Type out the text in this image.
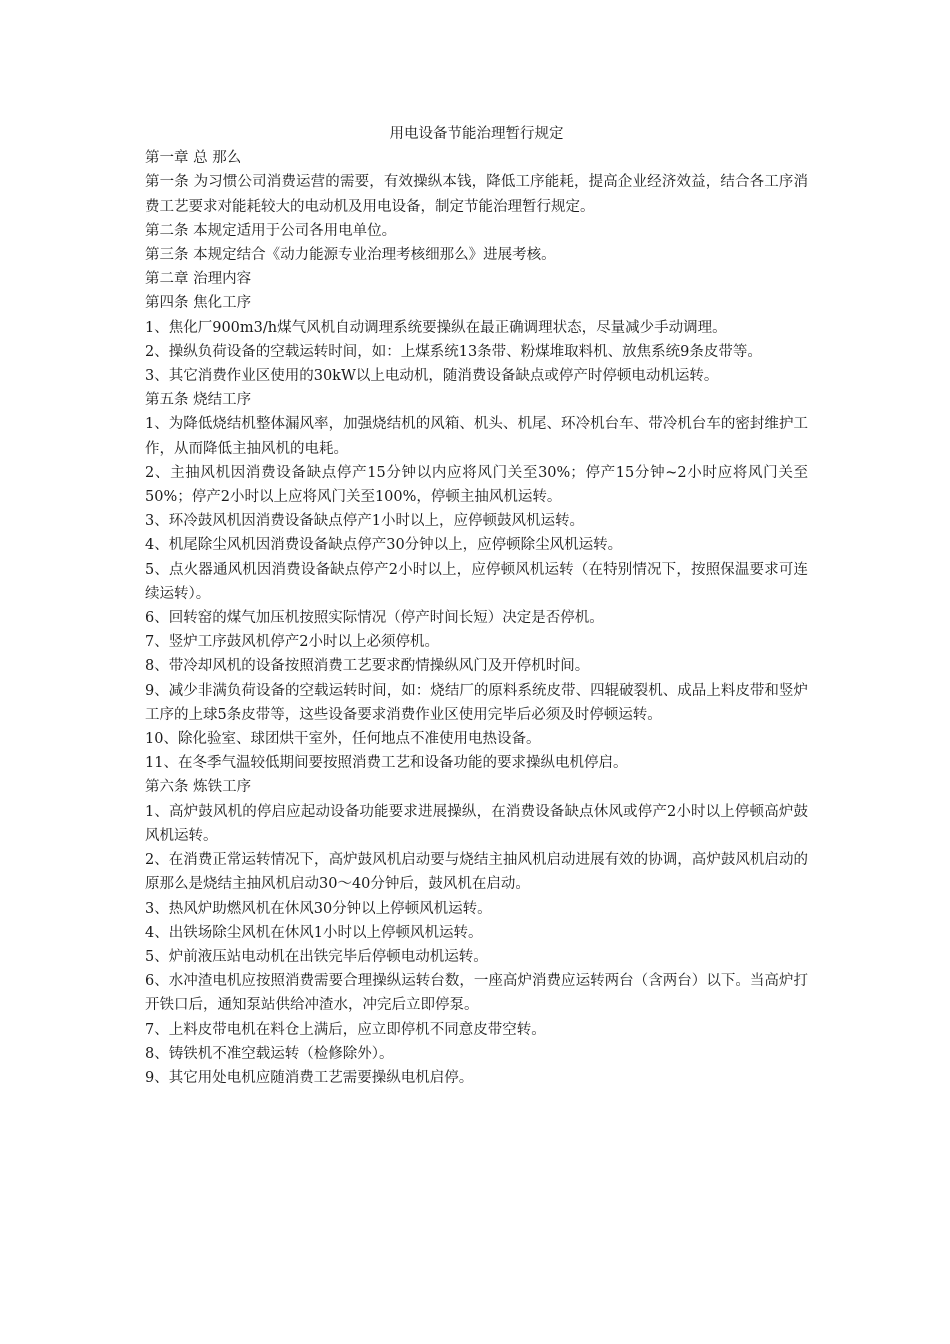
用电设备节能治理暂行规定

第一章 总 那么

第一条 为习惯公司消费运营的需要，有效操纵本钱，降低工序能耗，提高企业经济效益，结合各工序消费工艺要求对能耗较大的电动机及用电设备，制定节能治理暂行规定。

第二条 本规定适用于公司各用电单位。

第三条 本规定结合《动力能源专业治理考核细那么》进展考核。

第二章 治理内容

第四条 焦化工序

1、焦化厂900m3/h煤气风机自动调理系统要操纵在最正确调理状态，尽量减少手动调理。

2、操纵负荷设备的空载运转时间，如：上煤系统13条带、粉煤堆取料机、放焦系统9条皮带等。

3、其它消费作业区使用的30kW以上电动机，随消费设备缺点或停产时停顿电动机运转。

第五条 烧结工序

1、为降低烧结机整体漏风率，加强烧结机的风箱、机头、机尾、环冷机台车、带冷机台车的密封维护工作，从而降低主抽风机的电耗。

2、主抽风机因消费设备缺点停产15分钟以内应将风门关至30%；停产15分钟~2小时应将风门关至50%；停产2小时以上应将风门关至100%，停顿主抽风机运转。

3、环冷鼓风机因消费设备缺点停产1小时以上，应停顿鼓风机运转。

4、机尾除尘风机因消费设备缺点停产30分钟以上，应停顿除尘风机运转。

5、点火器通风机因消费设备缺点停产2小时以上，应停顿风机运转（在特别情况下，按照保温要求可连续运转）。

6、回转窑的煤气加压机按照实际情况（停产时间长短）决定是否停机。

7、竖炉工序鼓风机停产2小时以上必须停机。

8、带冷却风机的设备按照消费工艺要求酌情操纵风门及开停机时间。

9、减少非满负荷设备的空载运转时间，如：烧结厂的原料系统皮带、四辊破裂机、成品上料皮带和竖炉工序的上球5条皮带等，这些设备要求消费作业区使用完毕后必须及时停顿运转。

10、除化验室、球团烘干室外，任何地点不准使用电热设备。

11、在冬季气温较低期间要按照消费工艺和设备功能的要求操纵电机停启。

第六条 炼铁工序

1、高炉鼓风机的停启应起动设备功能要求进展操纵，在消费设备缺点休风或停产2小时以上停顿高炉鼓风机运转。

2、在消费正常运转情况下，高炉鼓风机启动要与烧结主抽风机启动进展有效的协调，高炉鼓风机启动的原那么是烧结主抽风机启动30～40分钟后，鼓风机在启动。

3、热风炉助燃风机在休风30分钟以上停顿风机运转。

4、出铁场除尘风机在休风1小时以上停顿风机运转。

5、炉前液压站电动机在出铁完毕后停顿电动机运转。

6、水冲渣电机应按照消费需要合理操纵运转台数，一座高炉消费应运转两台（含两台）以下。当高炉打开铁口后，通知泵站供给冲渣水，冲完后立即停泵。

7、上料皮带电机在料仓上满后，应立即停机不同意皮带空转。

8、铸铁机不准空载运转（检修除外）。

9、其它用处电机应随消费工艺需要操纵电机启停。
